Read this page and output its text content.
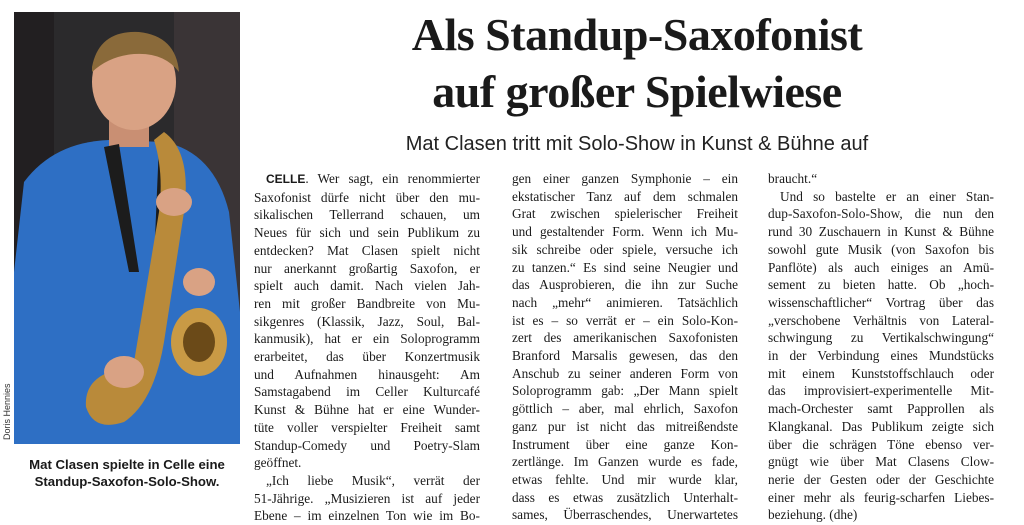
Doris Hennies
Mat Clasen spielte in Celle eine
Standup-Saxofon-Solo-Show.
Als Standup-Saxofonist
auf großer Spielwiese
Mat Clasen tritt mit Solo-Show in Kunst & Bühne auf
CELLE. Wer sagt, ein renommierter
Saxofonist dürfe nicht über den mu-
sikalischen Tellerrand schauen, um
Neues für sich und sein Publikum zu
entdecken? Mat Clasen spielt nicht
nur anerkannt großartig Saxofon, er
spielt auch damit. Nach vielen Jah-
ren mit großer Bandbreite von Mu-
sikgenres (Klassik, Jazz, Soul, Bal-
kanmusik), hat er ein Soloprogramm
erarbeitet, das über Konzertmusik
und Aufnahmen hinausgeht: Am
Samstagabend im Celler Kulturcafé
Kunst & Bühne hat er eine Wunder-
tüte voller verspielter Freiheit samt
Standup-Comedy und Poetry-Slam
geöffnet.
„Ich liebe Musik“, verrät der
51-Jährige. „Musizieren ist auf jeder
Ebene – im einzelnen Ton wie im Bo-
gen einer ganzen Symphonie – ein
ekstatischer Tanz auf dem schmalen
Grat zwischen spielerischer Freiheit
und gestaltender Form. Wenn ich Mu-
sik schreibe oder spiele, versuche ich
zu tanzen.“ Es sind seine Neugier und
das Ausprobieren, die ihn zur Suche
nach „mehr“ animieren. Tatsächlich
ist es – so verrät er – ein Solo-Kon-
zert des amerikanischen Saxofonisten
Branford Marsalis gewesen, das den
Anschub zu seiner anderen Form von
Soloprogramm gab: „Der Mann spielt
göttlich – aber, mal ehrlich, Saxofon
ganz pur ist nicht das mitreißendste
Instrument über eine ganze Kon-
zertlänge. Im Ganzen wurde es fade,
etwas fehlte. Und mir wurde klar,
dass es etwas zusätzlich Unterhalt-
sames, Überraschendes, Unerwartetes
braucht.“
Und so bastelte er an einer Stan-
dup-Saxofon-Solo-Show, die nun den
rund 30 Zuschauern in Kunst & Bühne
sowohl gute Musik (von Saxofon bis
Panflöte) als auch einiges an Amü-
sement zu bieten hatte. Ob „hoch-
wissenschaftlicher“ Vortrag über das
„verschobene Verhältnis von Lateral-
schwingung zu Vertikalschwingung“
in der Verbindung eines Mundstücks
mit einem Kunststoffschlauch oder
das improvisiert-experimentelle Mit-
mach-Orchester samt Papprollen als
Klangkanal. Das Publikum zeigte sich
über die schrägen Töne ebenso ver-
gnügt wie über Mat Clasens Clow-
nerie der Gesten oder der Geschichte
einer mehr als feurig-scharfen Liebes-
beziehung. (dhe)
